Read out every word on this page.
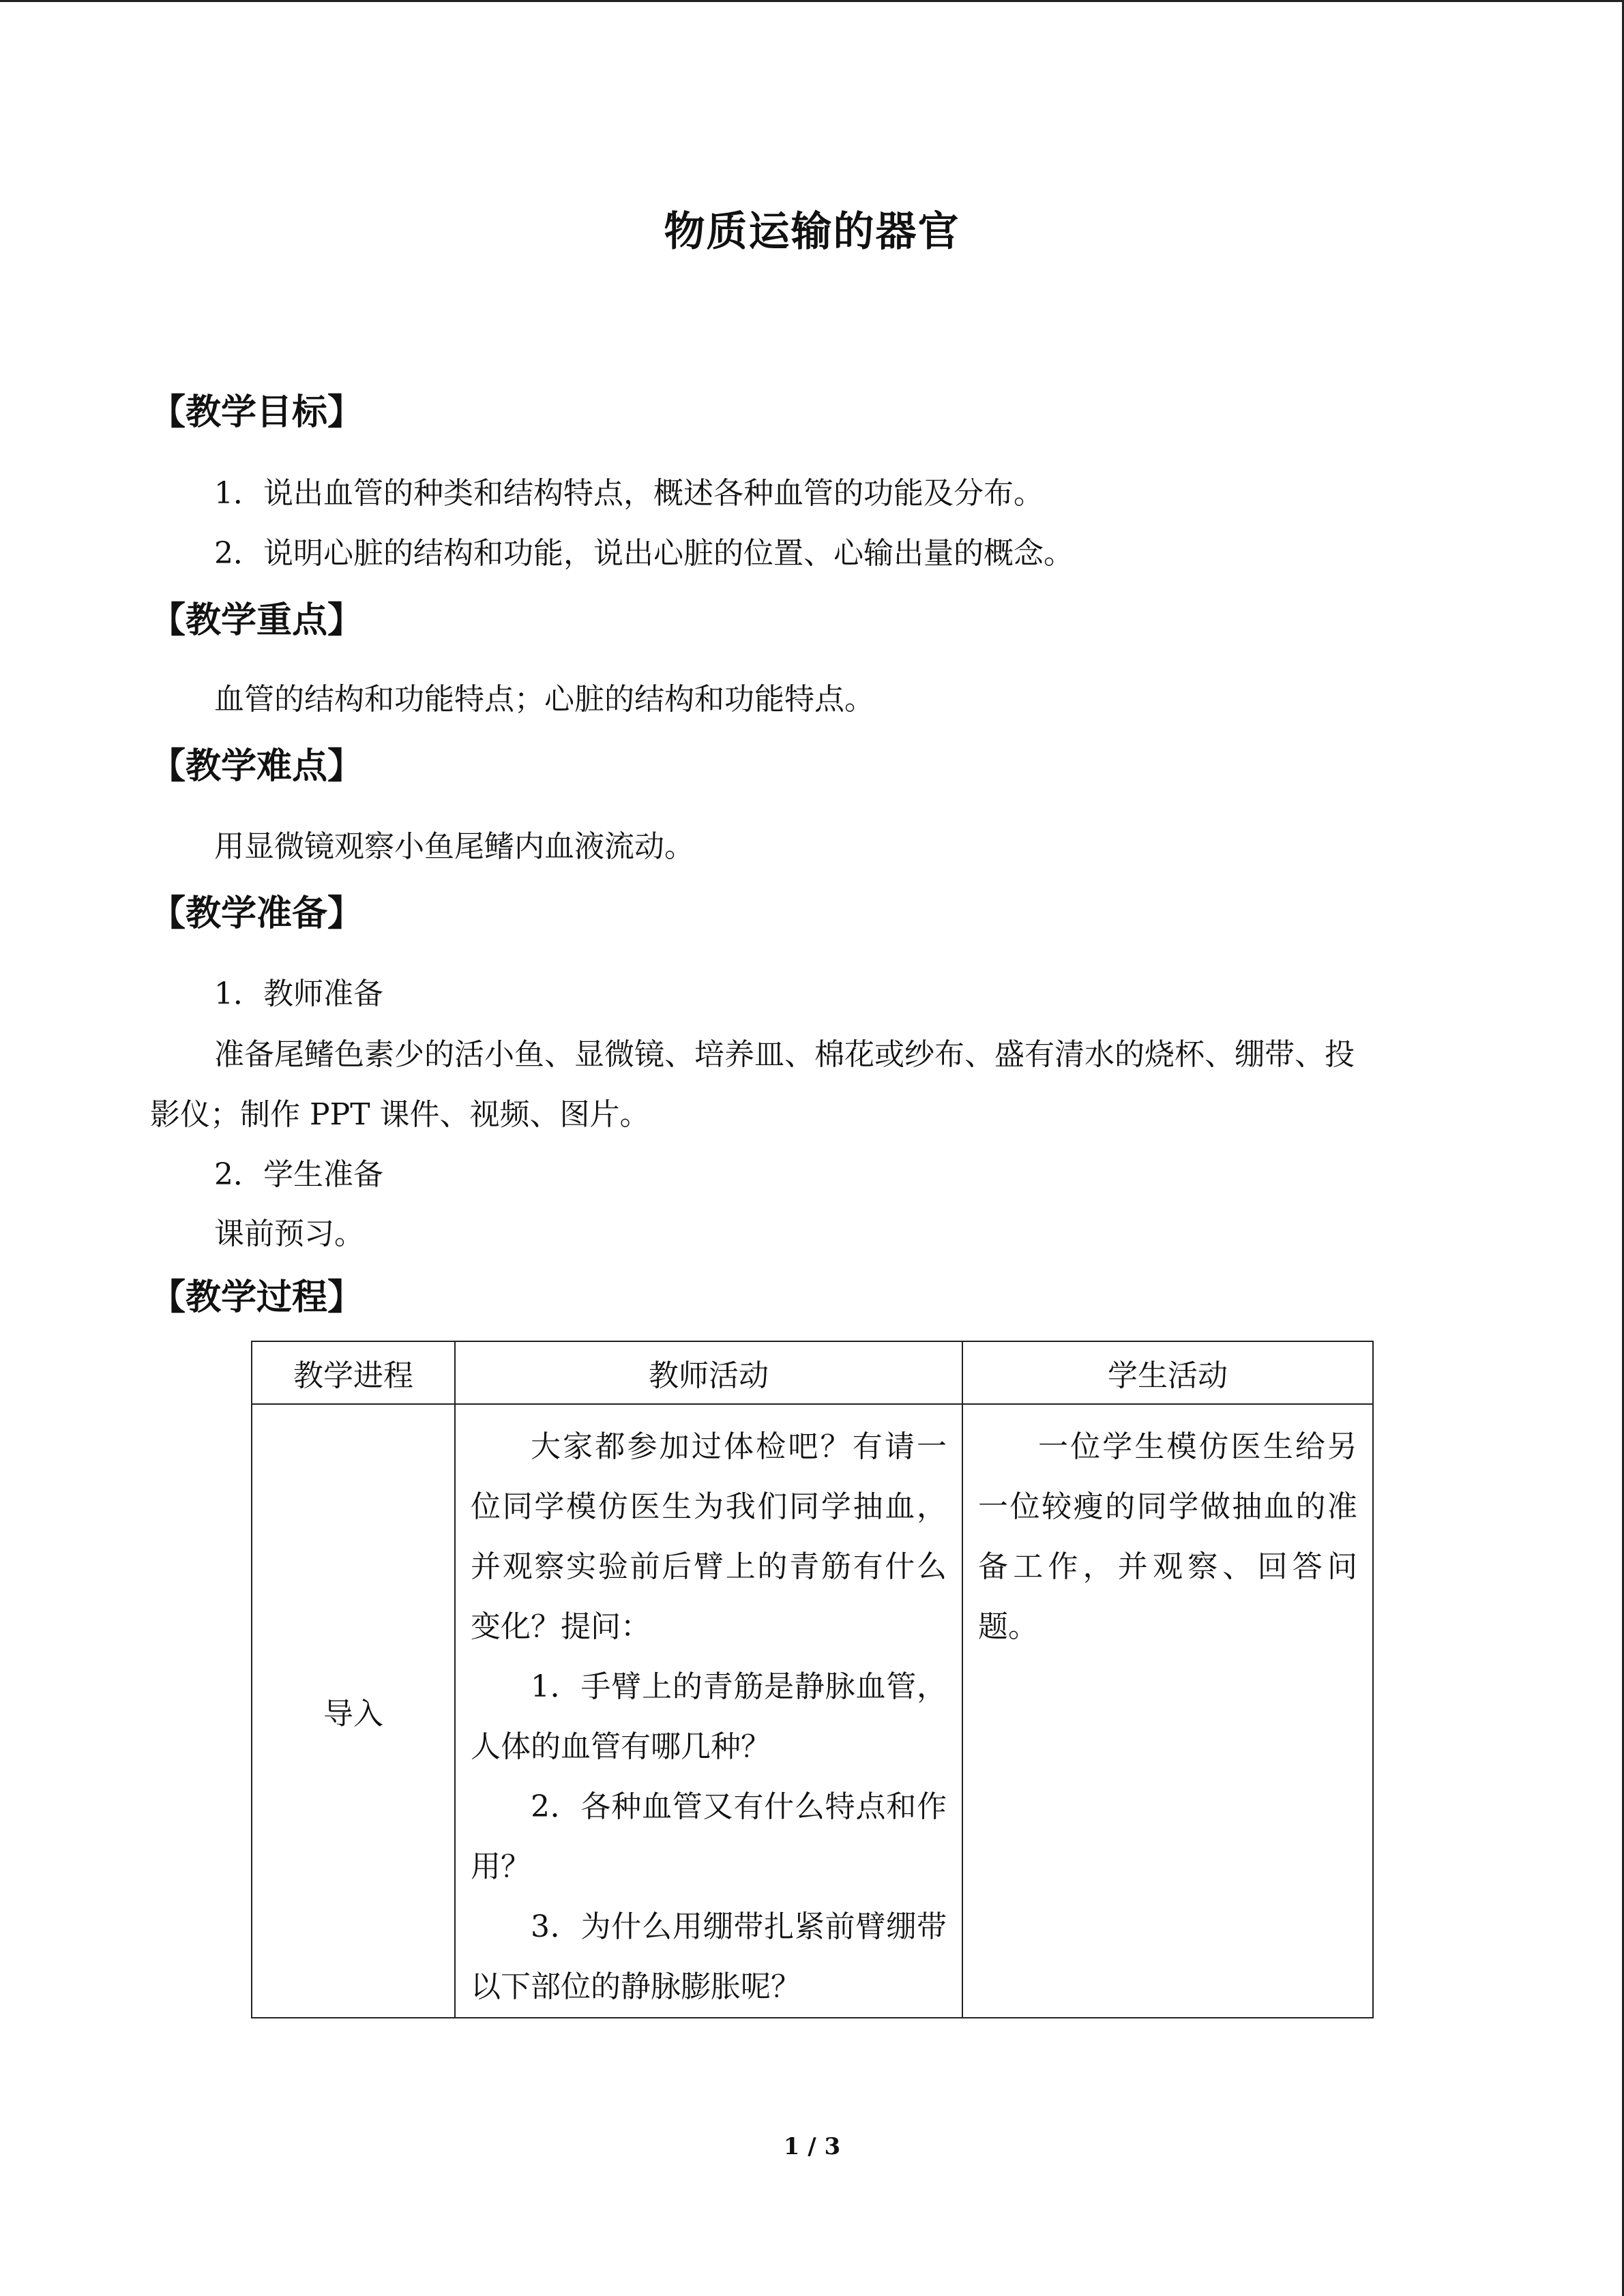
物质运输的器官
【教学目标】
1．说出血管的种类和结构特点，概述各种血管的功能及分布。
2．说明心脏的结构和功能，说出心脏的位置、心输出量的概念。
【教学重点】
血管的结构和功能特点；心脏的结构和功能特点。
【教学难点】
用显微镜观察小鱼尾鳍内血液流动。
【教学准备】
1．教师准备
准备尾鳍色素少的活小鱼、显微镜、培养皿、棉花或纱布、盛有清水的烧杯、绷带、投
影仪；制作 PPT 课件、视频、图片。
2．学生准备
课前预习。
【教学过程】
教学进程	教师活动	学生活动
导入	大家都参加过体检吧？有请一位同学模仿医生为我们同学抽血，并观察实验前后臂上的青筋有什么变化？提问：

1．手臂上的青筋是静脉血管，人体的血管有哪几种？

2．各种血管又有什么特点和作用？

3．为什么用绷带扎紧前臂绷带以下部位的静脉膨胀呢？	一位学生模仿医生给另一位较瘦的同学做抽血的准备工作，并观察、回答问题。

1 / 3
